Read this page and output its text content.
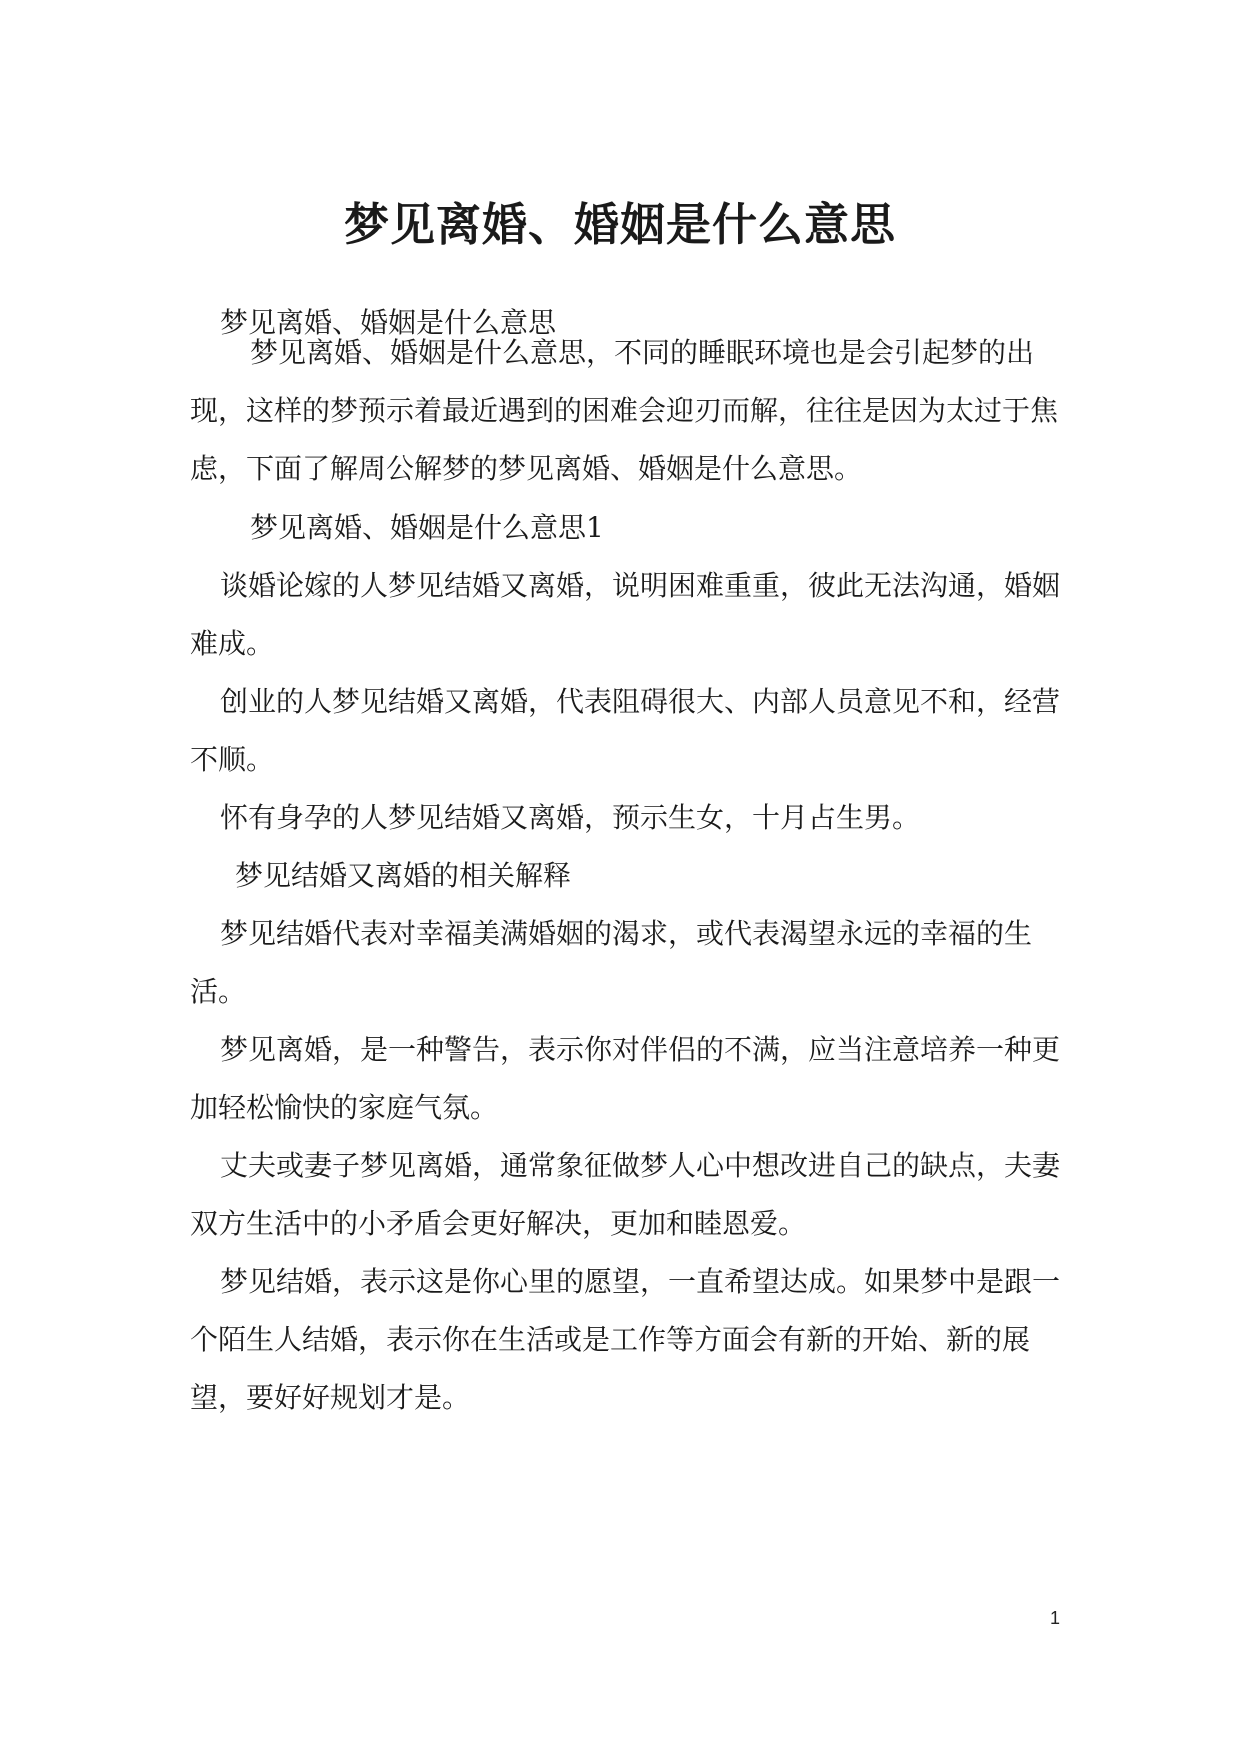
梦见离婚、婚姻是什么意思

梦见离婚、婚姻是什么意思

梦见离婚、婚姻是什么意思，不同的睡眠环境也是会引起梦的出现，这样的梦预示着最近遇到的困难会迎刃而解，往往是因为太过于焦虑，下面了解周公解梦的梦见离婚、婚姻是什么意思。

梦见离婚、婚姻是什么意思1

谈婚论嫁的人梦见结婚又离婚，说明困难重重，彼此无法沟通，婚姻难成。

创业的人梦见结婚又离婚，代表阻碍很大、内部人员意见不和，经营不顺。

怀有身孕的人梦见结婚又离婚，预示生女，十月占生男。

梦见结婚又离婚的相关解释

梦见结婚代表对幸福美满婚姻的渴求，或代表渴望永远的幸福的生活。

梦见离婚，是一种警告，表示你对伴侣的不满，应当注意培养一种更加轻松愉快的家庭气氛。

丈夫或妻子梦见离婚，通常象征做梦人心中想改进自己的缺点，夫妻双方生活中的小矛盾会更好解决，更加和睦恩爱。

梦见结婚，表示这是你心里的愿望，一直希望达成。如果梦中是跟一个陌生人结婚，表示你在生活或是工作等方面会有新的开始、新的展望，要好好规划才是。

1
